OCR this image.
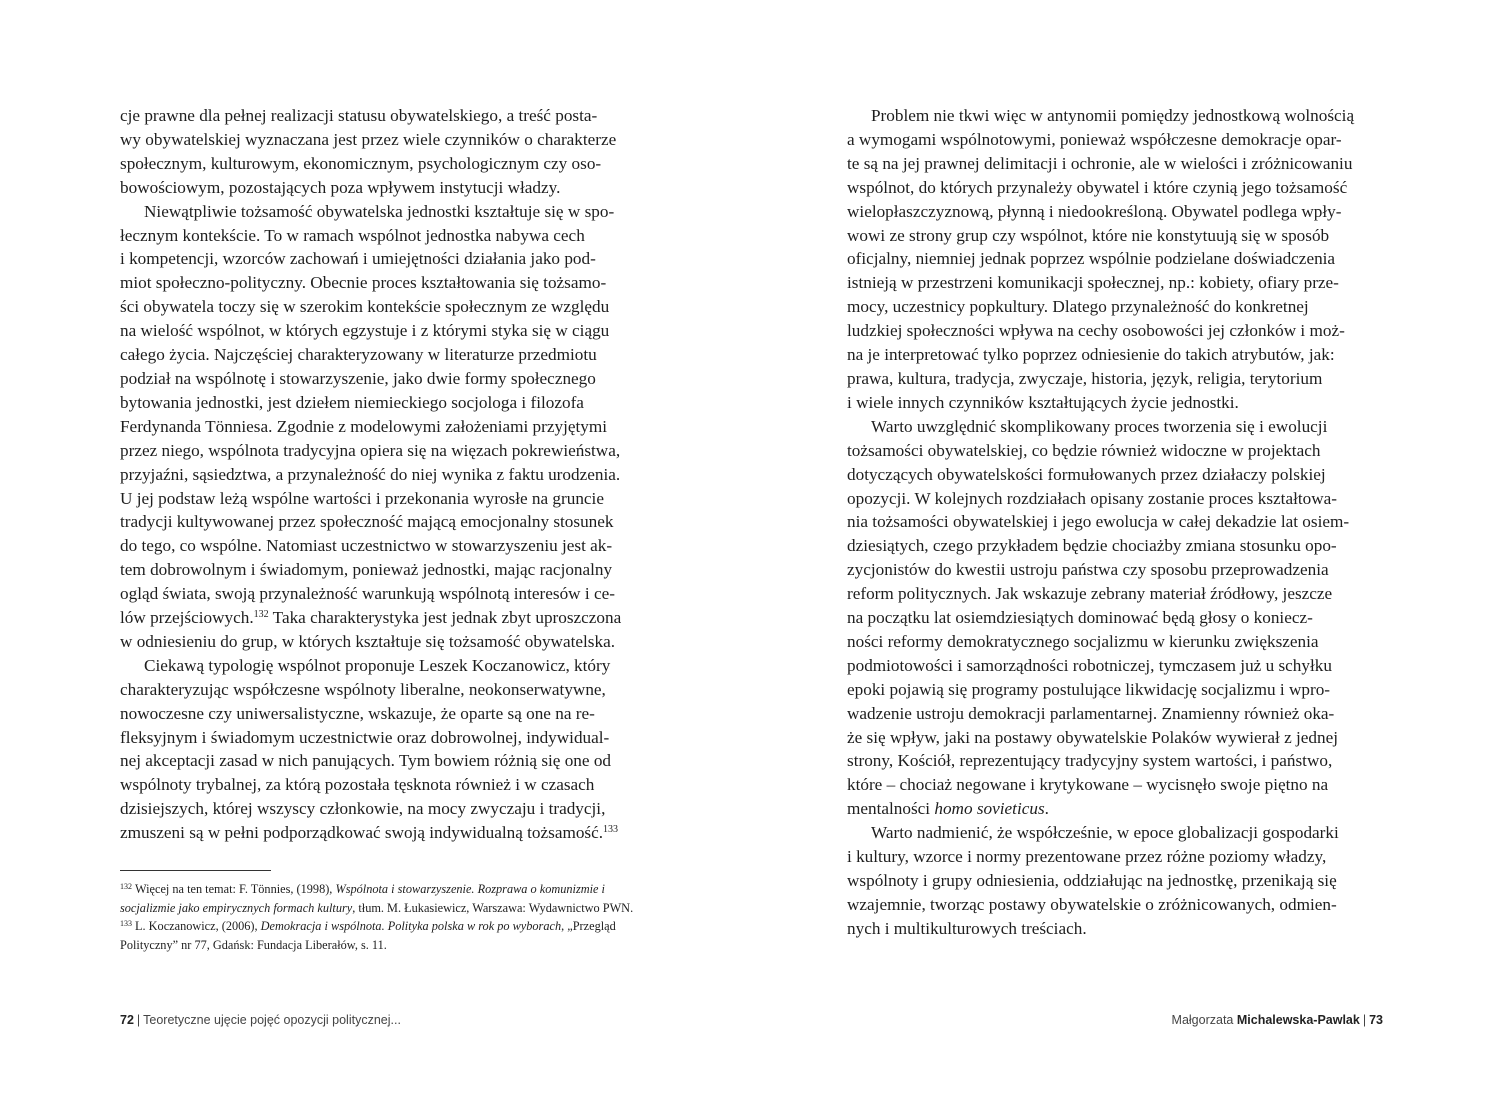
cje prawne dla pełnej realizacji statusu obywatelskiego, a treść posta-
wy obywatelskiej wyznaczana jest przez wiele czynników o charakterze
społecznym, kulturowym, ekonomicznym, psychologicznym czy oso-
bowościowym, pozostających poza wpływem instytucji władzy.

Niewątpliwie tożsamość obywatelska jednostki kształtuje się w spo-
łecznym kontekście. To w ramach wspólnot jednostka nabywa cech
i kompetencji, wzorców zachowań i umiejętności działania jako pod-
miot społeczno-polityczny. Obecnie proces kształtowania się tożsamo-
ści obywatela toczy się w szerokim kontekście społecznym ze względu
na wielość wspólnot, w których egzystuje i z którymi styka się w ciągu
całego życia. Najczęściej charakteryzowany w literaturze przedmiotu
podział na wspólnotę i stowarzyszenie, jako dwie formy społecznego
bytowania jednostki, jest dziełem niemieckiego socjologa i filozofa
Ferdynanda Tönniesa. Zgodnie z modelowymi założeniami przyjętymi
przez niego, wspólnota tradycyjna opiera się na więzach pokrewieństwa,
przyjaźni, sąsiedztwa, a przynależność do niej wynika z faktu urodzenia.
U jej podstaw leżą wspólne wartości i przekonania wyrosłe na gruncie
tradycji kultywowanej przez społeczność mającą emocjonalny stosunek
do tego, co wspólne. Natomiast uczestnictwo w stowarzyszeniu jest ak-
tem dobrowolnym i świadomym, ponieważ jednostki, mając racjonalny
ogląd świata, swoją przynależność warunkują wspólnotą interesów i ce-
lów przejściowych.$^{132}$ Taka charakterystyka jest jednak zbyt uproszczona
w odniesieniu do grup, w których kształtuje się tożsamość obywatelska.

Ciekawą typologię wspólnot proponuje Leszek Koczanowicz, który
charakteryzując współczesne wspólnoty liberalne, neokonserwatywne,
nowoczesne czy uniwersalistyczne, wskazuje, że oparte są one na re-
fleksyjnym i świadomym uczestnictwie oraz dobrowolnej, indywidual-
nej akceptacji zasad w nich panujących. Tym bowiem różnią się one od
wspólnoty trybalnej, za którą pozostała tęsknota również i w czasach
dzisiejszych, której wszyscy członkowie, na mocy zwyczaju i tradycji,
zmuszeni są w pełni podporządkować swoją indywidualną tożsamość.$^{133}$

$^{132}$ Więcej na ten temat: F. Tönnies, (1998), Wspólnota i stowarzyszenie. Rozprawa o komunizmie i socjalizmie jako empirycznych formach kultury, tłum. M. Łukasiewicz, Warszawa: Wydawnictwo PWN.

$^{133}$ L. Koczanowicz, (2006), Demokracja i wspólnota. Polityka polska w rok po wyborach, „Przegląd Polityczny” nr 77, Gdańsk: Fundacja Liberałów, s. 11.

72 | Teoretyczne ujęcie pojęć opozycji politycznej...

Problem nie tkwi więc w antynomii pomiędzy jednostkową wolnością
a wymogami wspólnotowymi, ponieważ współczesne demokracje opar-
te są na jej prawnej delimitacji i ochronie, ale w wielości i zróżnicowaniu
wspólnot, do których przynależy obywatel i które czynią jego tożsamość
wielopłaszczyznową, płynną i niedookreśloną. Obywatel podlega wpły-
wowi ze strony grup czy wspólnot, które nie konstytuują się w sposób
oficjalny, niemniej jednak poprzez wspólnie podzielane doświadczenia
istnieją w przestrzeni komunikacji społecznej, np.: kobiety, ofiary prze-
mocy, uczestnicy popkultury. Dlatego przynależność do konkretnej
ludzkiej społeczności wpływa na cechy osobowości jej członków i moż-
na je interpretować tylko poprzez odniesienie do takich atrybutów, jak:
prawa, kultura, tradycja, zwyczaje, historia, język, religia, terytorium
i wiele innych czynników kształtujących życie jednostki.

Warto uwzględnić skomplikowany proces tworzenia się i ewolucji
tożsamości obywatelskiej, co będzie również widoczne w projektach
dotyczących obywatelskości formułowanych przez działaczy polskiej
opozycji. W kolejnych rozdziałach opisany zostanie proces kształtowa-
nia tożsamości obywatelskiej i jego ewolucja w całej dekadzie lat osiem-
dziesiątych, czego przykładem będzie chociażby zmiana stosunku opo-
zycjonistów do kwestii ustroju państwa czy sposobu przeprowadzenia
reform politycznych. Jak wskazuje zebrany materiał źródłowy, jeszcze
na początku lat osiemdziesiątych dominować będą głosy o koniecz-
ności reformy demokratycznego socjalizmu w kierunku zwiększenia
podmiotowości i samorządności robotniczej, tymczasem już u schyłku
epoki pojawią się programy postulujące likwidację socjalizmu i wpro-
wadzenie ustroju demokracji parlamentarnej. Znamienny również oka-
że się wpływ, jaki na postawy obywatelskie Polaków wywierał z jednej
strony, Kościół, reprezentujący tradycyjny system wartości, i państwo,
które – chociaż negowane i krytykowane – wycisnęło swoje piętno na
mentalności homo sovieticus.

Warto nadmienić, że współcześnie, w epoce globalizacji gospodarki
i kultury, wzorce i normy prezentowane przez różne poziomy władzy,
wspólnoty i grupy odniesienia, oddziałując na jednostkę, przenikają się
wzajemnie, tworząc postawy obywatelskie o zróżnicowanych, odmien-
nych i multikulturowych treściach.

Małgorzata Michalewska-Pawlak | 73
